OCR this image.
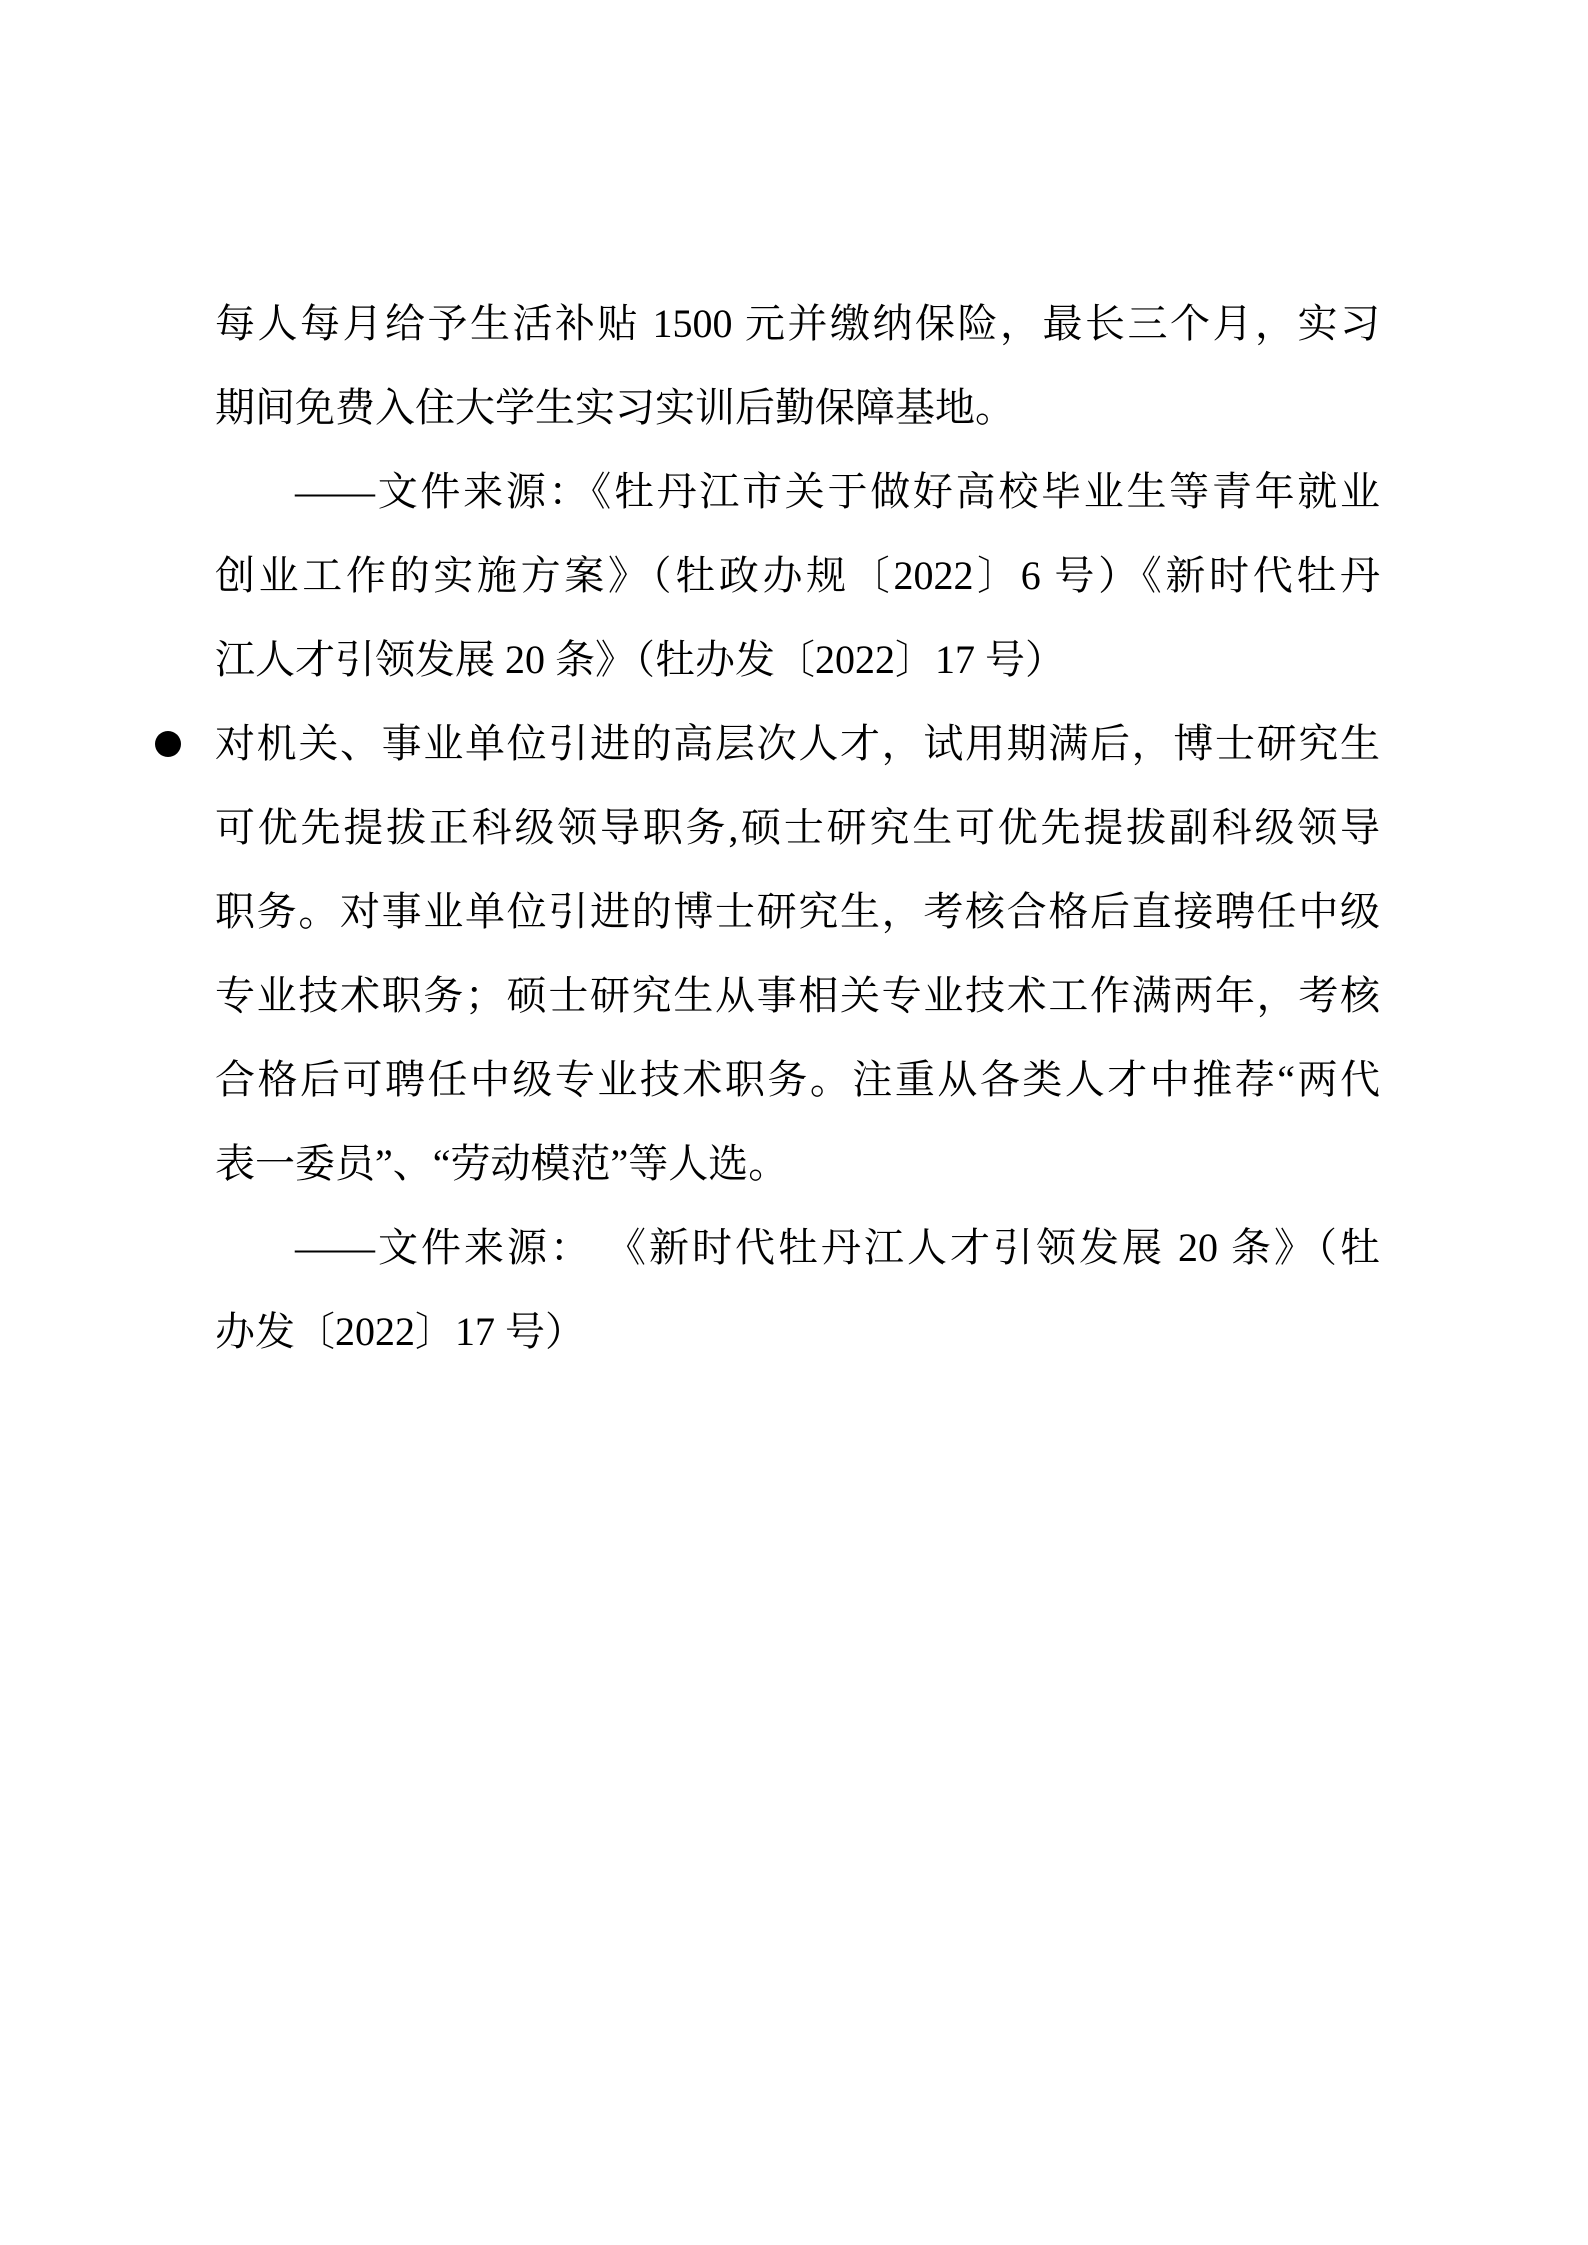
每人每月给予生活补贴 1500 元并缴纳保险，最长三个月，实习
期间免费入住大学生实习实训后勤保障基地。
——文件来源：《牡丹江市关于做好高校毕业生等青年就业
创业工作的实施方案》（牡政办规〔2022〕6 号）《新时代牡丹
江人才引领发展 20 条》（牡办发〔2022〕17 号）
对机关、事业单位引进的高层次人才，试用期满后，博士研究生
可优先提拔正科级领导职务,硕士研究生可优先提拔副科级领导
职务。对事业单位引进的博士研究生，考核合格后直接聘任中级
专业技术职务；硕士研究生从事相关专业技术工作满两年，考核
合格后可聘任中级专业技术职务。注重从各类人才中推荐“两代
表一委员”、“劳动模范”等人选。
——文件来源： 《新时代牡丹江人才引领发展 20 条》（牡
办发〔2022〕17 号）
